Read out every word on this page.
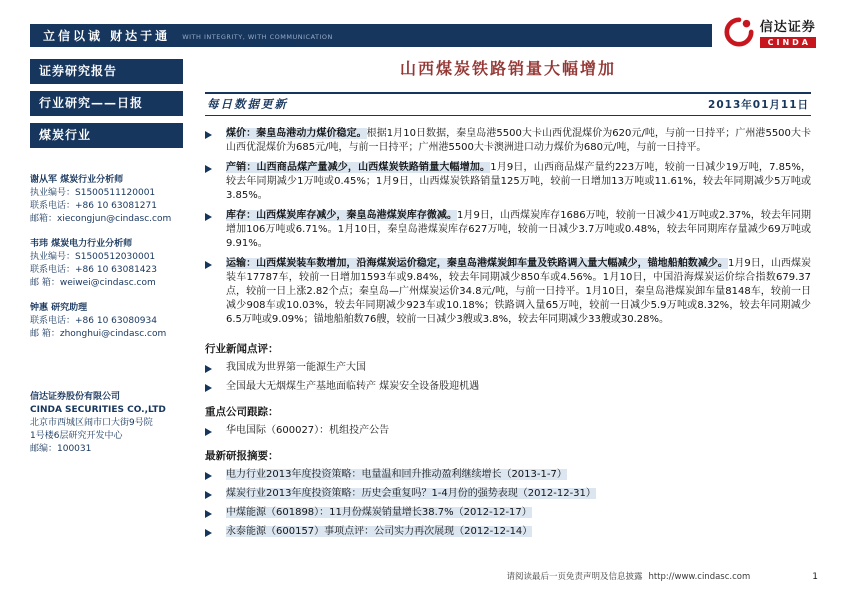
立信以诚 财达于通 WITH INTEGRITY, WITH COMMUNICATION
信达证券
CINDA
证券研究报告
行业研究——日报
煤炭行业
谢从军 煤炭行业分析师
执业编号：S1500511120001
联系电话：+86 10 63081271
邮箱：xiecongjun@cindasc.com
韦玮 煤炭电力行业分析师
执业编号：S1500512030001
联系电话：+86 10 63081423
邮 箱：weiwei@cindasc.com
钟惠 研究助理
联系电话：+86 10 63080934
邮 箱：zhonghui@cindasc.com
信达证券股份有限公司
CINDA SECURITIES CO.,LTD
北京市西城区闹市口大街9号院
1号楼6层研究开发中心
邮编：100031
山西煤炭铁路销量大幅增加
每日数据更新	2013年01月11日

煤价：秦皇岛港动力煤价稳定。根据1月10日数据，秦皇岛港5500大卡山西优混煤价为620元/吨，与前一日持平；广州港5500大卡山西优混煤价为685元/吨，与前一日持平；广州港5500大卡澳洲进口动力煤价为680元/吨，与前一日持平。

产销：山西商品煤产量减少，山西煤炭铁路销量大幅增加。1月9日，山西商品煤产量约223万吨，较前一日减少19万吨，7.85%，较去年同期减少1万吨或0.45%；1月9日，山西煤炭铁路销量125万吨，较前一日增加13万吨或11.61%，较去年同期减少5万吨或3.85%。

库存：山西煤炭库存减少，秦皇岛港煤炭库存微减。1月9日，山西煤炭库存1686万吨，较前一日减少41万吨或2.37%，较去年同期增加106万吨或6.71%。1月10日，秦皇岛港煤炭库存627万吨，较前一日减少3.7万吨或0.48%，较去年同期库存量减少69万吨或9.91%。

运输：山西煤炭装车数增加，沿海煤炭运价稳定，秦皇岛港煤炭卸车量及铁路调入量大幅减少，锚地船舶数减少。1月9日，山西煤炭装车17787车，较前一日增加1593车或9.84%，较去年同期减少850车或4.56%。1月10日，中国沿海煤炭运价综合指数679.37点，较前一日上涨2.82个点；秦皇岛—广州煤炭运价34.8元/吨，与前一日持平。1月10日，秦皇岛港煤炭卸车量8148车，较前一日减少908车或10.03%，较去年同期减少923车或10.18%；铁路调入量65万吨，较前一日减少5.9万吨或8.32%，较去年同期减少6.5万吨或9.09%；锚地船舶数76艘，较前一日减少3艘或3.8%，较去年同期减少33艘或30.28%。

行业新闻点评：
我国成为世界第一能源生产大国
全国最大无烟煤生产基地面临转产 煤炭安全设备股迎机遇
重点公司跟踪：
华电国际（600027）：机组投产公告
最新研报摘要：
电力行业2013年度投资策略：电量温和回升推动盈利继续增长（2013-1-7）
煤炭行业2013年度投资策略：历史会重复吗？1-4月份的强势表现（2012-12-31）
中煤能源（601898）：11月份煤炭销量增长38.7%（2012-12-17）
永泰能源（600157）事项点评：公司实力再次展现（2012-12-14）
请阅读最后一页免责声明及信息披露 http://www.cindasc.com	1
